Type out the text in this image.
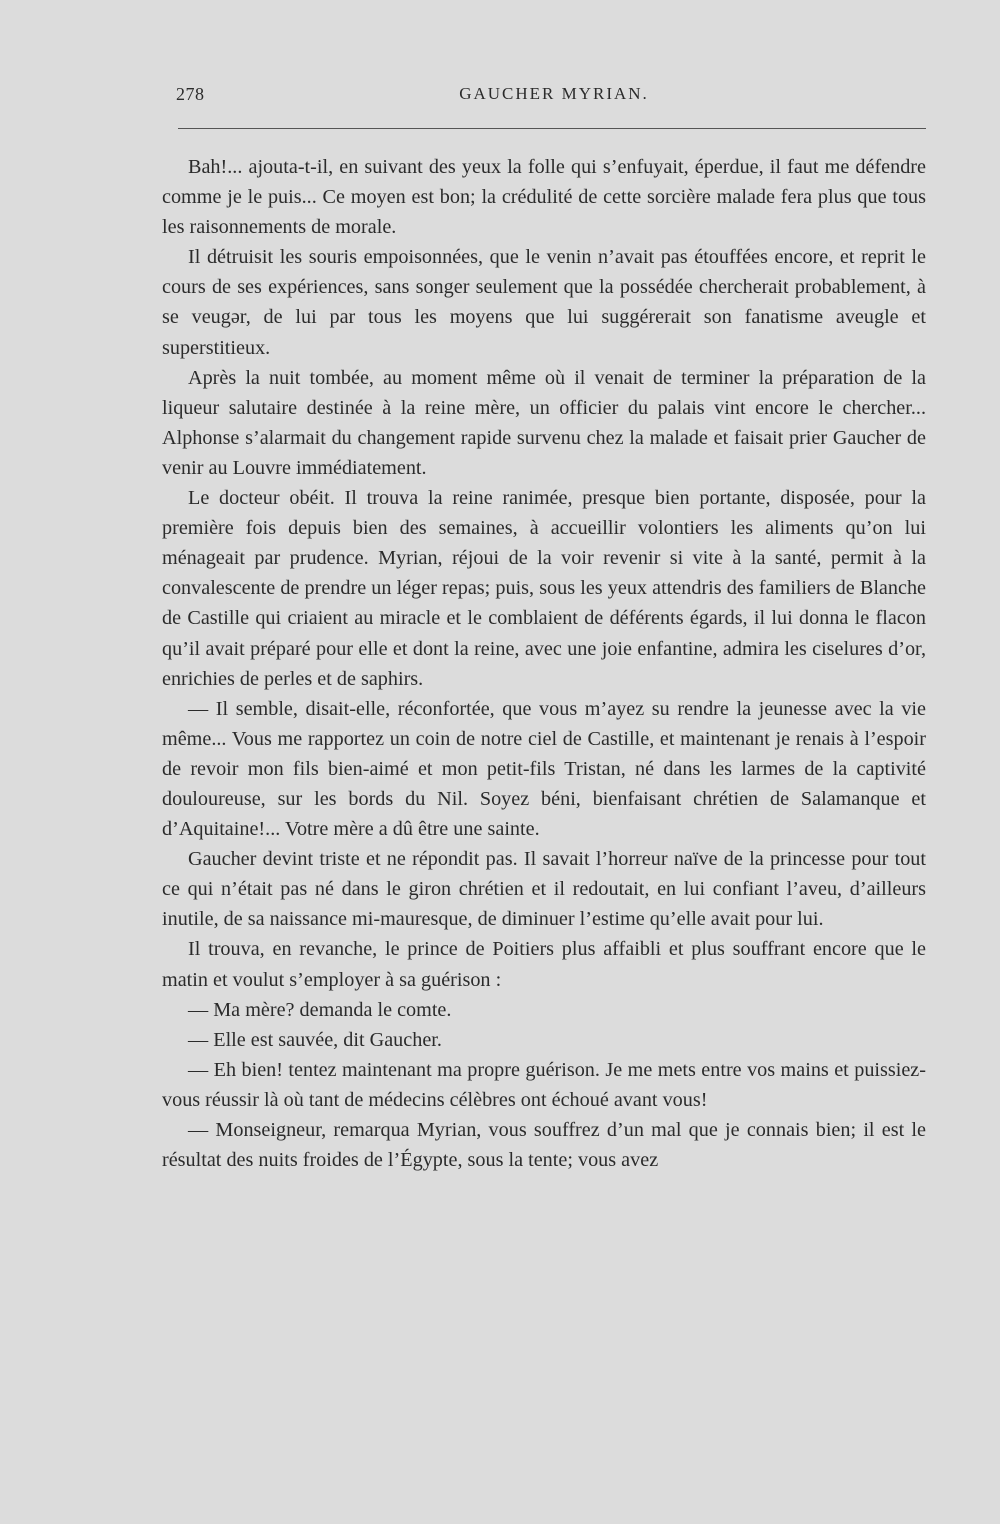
278	GAUCHER MYRIAN.

Bah!... ajouta-t-il, en suivant des yeux la folle qui s’enfuyait, éperdue, il faut me défendre comme je le puis... Ce moyen est bon; la crédulité de cette sorcière malade fera plus que tous les raisonnements de morale.

Il détruisit les souris empoisonnées, que le venin n’avait pas étouffées encore, et reprit le cours de ses expériences, sans songer seulement que la possédée chercherait probablement, à se veugər, de lui par tous les moyens que lui suggérerait son fanatisme aveugle et superstitieux.

Après la nuit tombée, au moment même où il venait de terminer la préparation de la liqueur salutaire destinée à la reine mère, un officier du palais vint encore le chercher... Alphonse s’alarmait du changement rapide survenu chez la malade et faisait prier Gaucher de venir au Louvre immédiatement.

Le docteur obéit. Il trouva la reine ranimée, presque bien portante, disposée, pour la première fois depuis bien des semaines, à accueillir volontiers les aliments qu’on lui ménageait par prudence. Myrian, réjoui de la voir revenir si vite à la santé, permit à la convalescente de prendre un léger repas; puis, sous les yeux attendris des familiers de Blanche de Castille qui criaient au miracle et le comblaient de déférents égards, il lui donna le flacon qu’il avait préparé pour elle et dont la reine, avec une joie enfantine, admira les ciselures d’or, enrichies de perles et de saphirs.

— Il semble, disait-elle, réconfortée, que vous m’ayez su rendre la jeunesse avec la vie même... Vous me rapportez un coin de notre ciel de Castille, et maintenant je renais à l’espoir de revoir mon fils bien-aimé et mon petit-fils Tristan, né dans les larmes de la captivité douloureuse, sur les bords du Nil. Soyez béni, bienfaisant chrétien de Salamanque et d’Aquitaine!... Votre mère a dû être une sainte.

Gaucher devint triste et ne répondit pas. Il savait l’horreur naïve de la princesse pour tout ce qui n’était pas né dans le giron chrétien et il redoutait, en lui confiant l’aveu, d’ailleurs inutile, de sa naissance mi-mauresque, de diminuer l’estime qu’elle avait pour lui.

Il trouva, en revanche, le prince de Poitiers plus affaibli et plus souffrant encore que le matin et voulut s’employer à sa guérison :

— Ma mère? demanda le comte.

— Elle est sauvée, dit Gaucher.

— Eh bien! tentez maintenant ma propre guérison. Je me mets entre vos mains et puissiez-vous réussir là où tant de médecins célèbres ont échoué avant vous!

— Monseigneur, remarqua Myrian, vous souffrez d’un mal que je connais bien; il est le résultat des nuits froides de l’Égypte, sous la tente; vous avez
